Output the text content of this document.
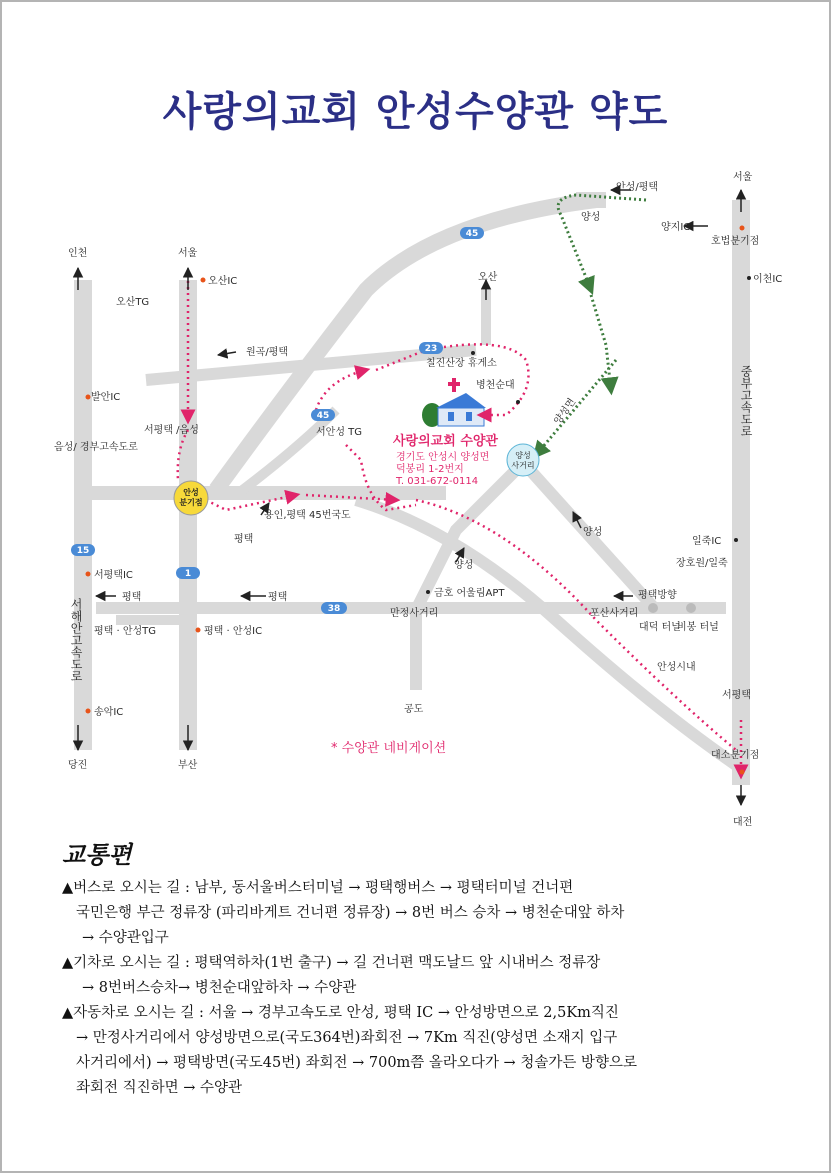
사랑의교회 안성수양관 약도
45
45
23
15
1
38
안성
분기점
양성
사거리
안성/평택
양성
서울
양지IC
호법분기점
이천IC
중부고속도로
인천	서울
오산IC
오산TG
오산
원곡/평택
칠진산장 휴게소
병천순대
양성면
발안IC
음성/ 경부고속도로
서평택 /음성	서안성 TG
사랑의교회 수양관
경기도 안성시 양성면
덕봉리 1-2번지
T. 031-672-0114
용인,평택 45번국도
평택
양성
일죽IC
장호원/일죽
양성
금호 어울림APT	평택방향
서해안고속도로
서평택IC
평택	평택
평택 · 안성TG	평택 · 안성IC
만정사거리	포산사거리
대덕 터널
비봉 터널
안성시내
서평택
대소분기점
송악IC
당진	부산
공도
대전
* 수양관 네비게이션
교통편
▲버스로 오시는 길 : 남부, 동서울버스터미널 → 평택행버스 → 평택터미널 건너편
국민은행 부근 정류장 (파리바게트 건너편 정류장) → 8번 버스 승차 → 병천순대앞 하차
→ 수양관입구
▲기차로 오시는 길 : 평택역하차(1번 출구) → 길 건너편 맥도날드 앞 시내버스 정류장
→ 8번버스승차→ 병천순대앞하차 → 수양관
▲자동차로 오시는 길 : 서울 → 경부고속도로 안성, 평택 IC → 안성방면으로 2,5Km직진
→ 만정사거리에서 양성방면으로(국도364번)좌회전 → 7Km 직진(양성면 소재지 입구
사거리에서) → 평택방면(국도45번) 좌회전 → 700m쯤 올라오다가 → 청솔가든 방향으로
좌회전 직진하면 → 수양관
